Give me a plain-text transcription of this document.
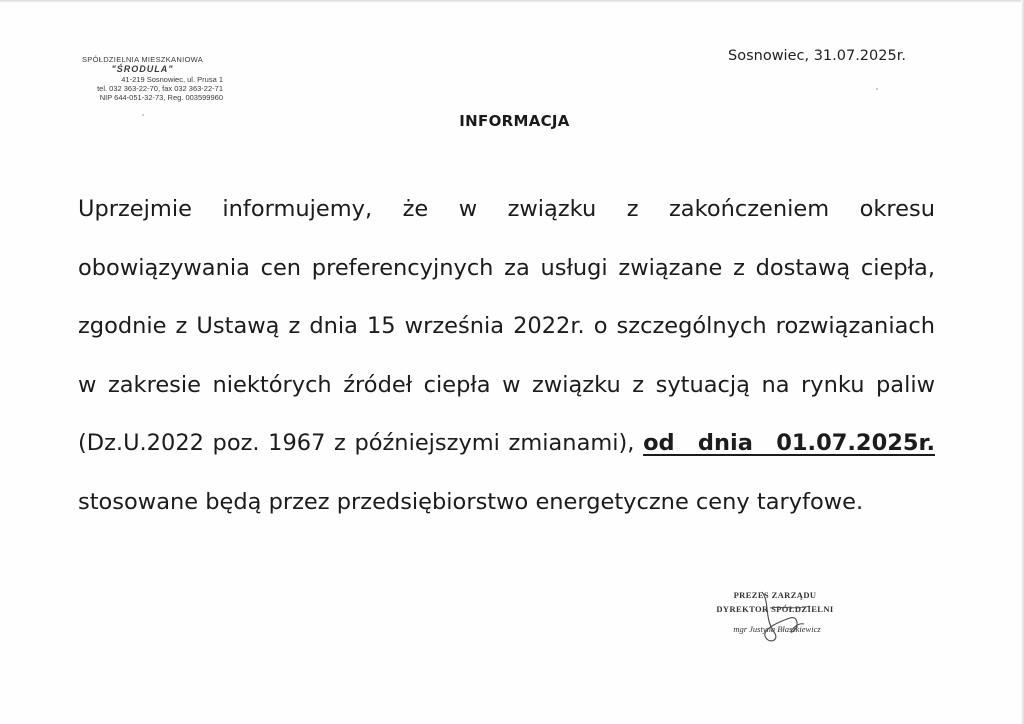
SPÓŁDZIELNIA MIESZKANIOWA
"ŚRODULA"
41-219 Sosnowiec, ul. Prusa 1
tel. 032 363-22-70, fax 032 363-22-71
NIP 644-051-32-73, Reg. 003599960
Sosnowiec, 31.07.2025r.
INFORMACJA

Uprzejmie informujemy, że w związku z zakończeniem okresu obowiązywania cen preferencyjnych za usługi związane z dostawą ciepła, zgodnie z Ustawą z dnia 15 września 2022r. o szczególnych rozwiązaniach w zakresie niektórych źródeł ciepła w związku z sytuacją na rynku paliw (Dz.U.2022 poz. 1967 z późniejszymi zmianami), od dnia 01.07.2025r. stosowane będą przez przedsiębiorstwo energetyczne ceny taryfowe.

PREZES ZARZĄDU
DYREKTOR SPÓŁDZIELNI
mgr Justyna Błaszkiewicz
